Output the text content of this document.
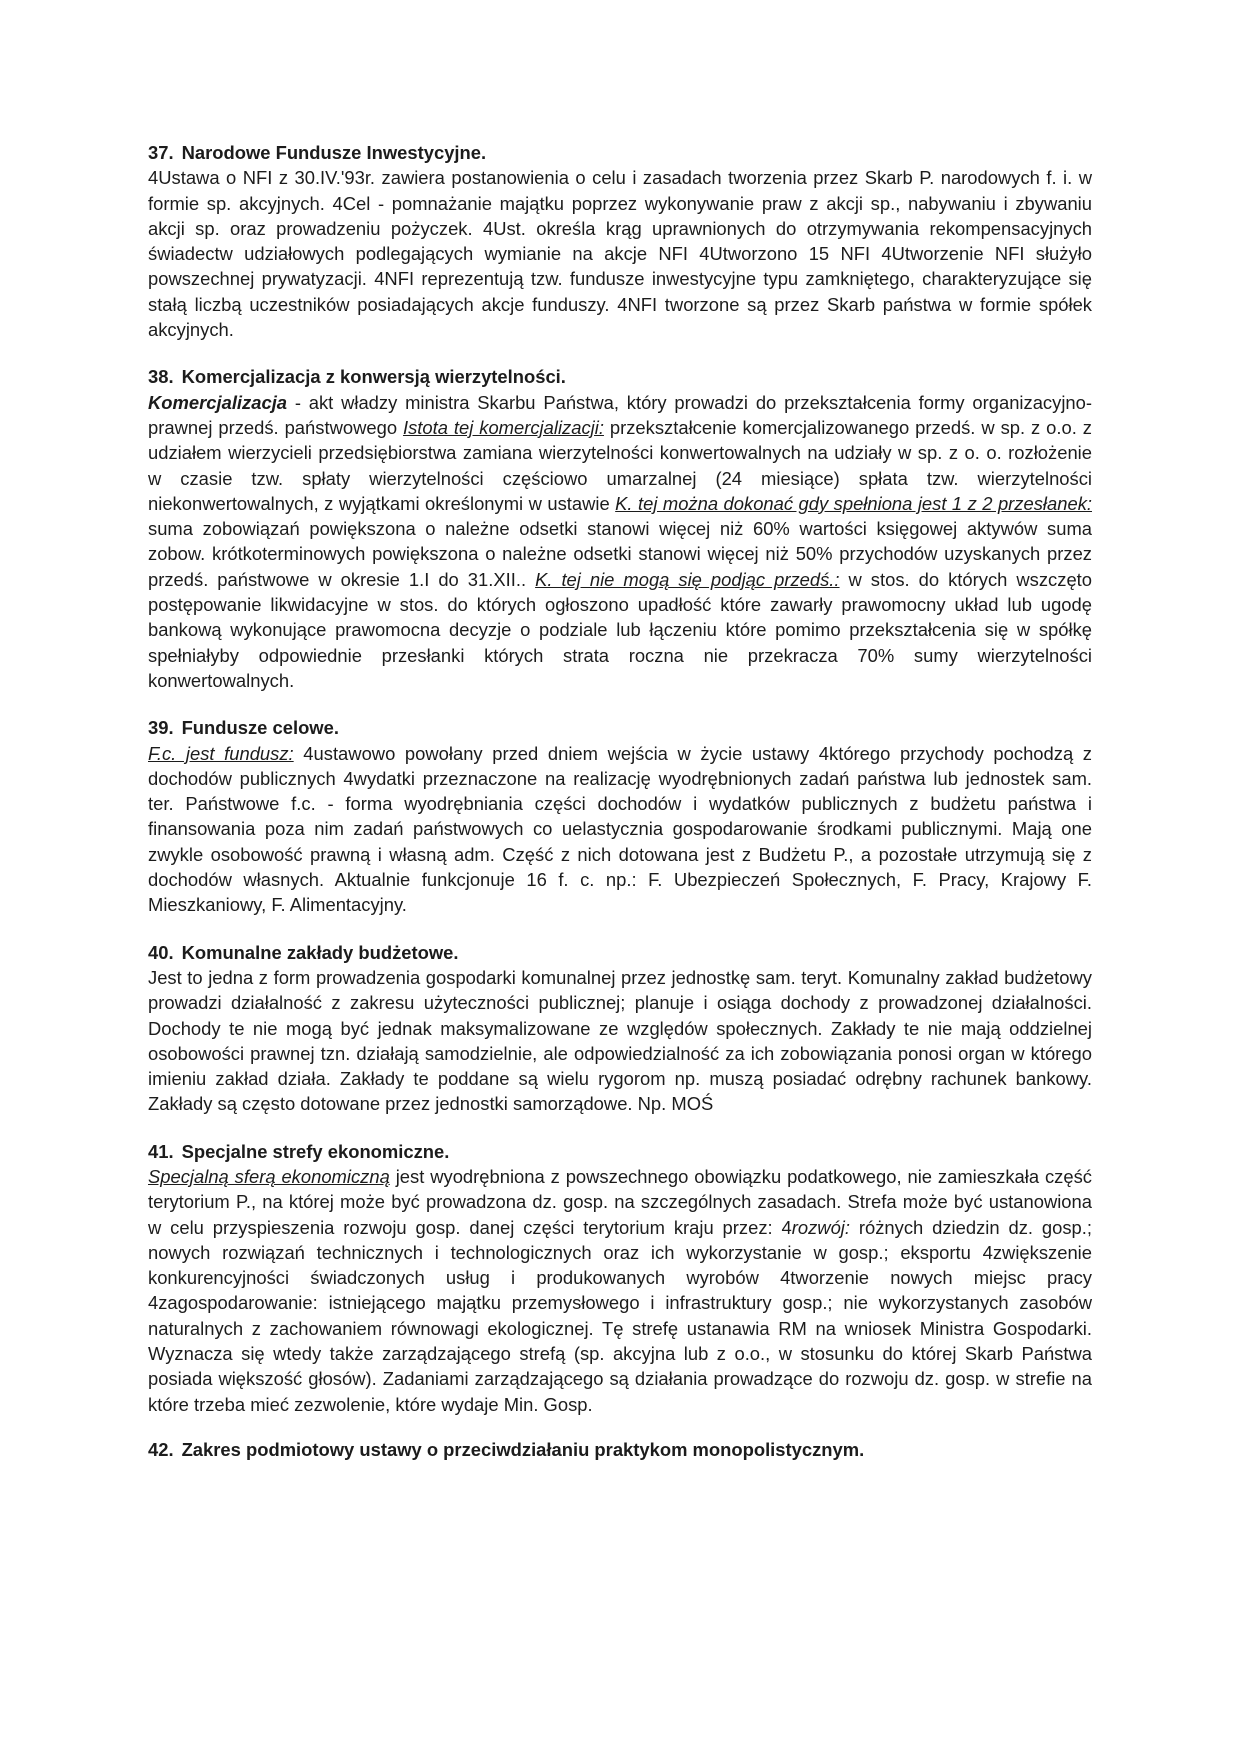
37. Narodowe Fundusze Inwestycyjne.

4Ustawa o NFI z 30.IV.'93r. zawiera postanowienia o celu i zasadach tworzenia przez Skarb P. narodowych f. i. w formie sp. akcyjnych. 4Cel - pomnażanie majątku poprzez wykonywanie praw z akcji sp., nabywaniu i zbywaniu akcji sp. oraz prowadzeniu pożyczek. 4Ust. określa krąg uprawnionych do otrzymywania rekompensacyjnych świadectw udziałowych podlegających wymianie na akcje NFI 4Utworzono 15 NFI 4Utworzenie NFI służyło powszechnej prywatyzacji. 4NFI reprezentują tzw. fundusze inwestycyjne typu zamkniętego, charakteryzujące się stałą liczbą uczestników posiadających akcje funduszy. 4NFI tworzone są przez Skarb państwa w formie spółek akcyjnych.

38. Komercjalizacja z konwersją wierzytelności.

Komercjalizacja - akt władzy ministra Skarbu Państwa, który prowadzi do przekształcenia formy organizacyjno-prawnej przedś. państwowego Istota tej komercjalizacji: przekształcenie komercjalizowanego przedś. w sp. z o.o. z udziałem wierzycieli przedsiębiorstwa zamiana wierzytelności konwertowalnych na udziały w sp. z o. o. rozłożenie w czasie tzw. spłaty wierzytelności częściowo umarzalnej (24 miesiące) spłata tzw. wierzytelności niekonwertowalnych, z wyjątkami określonymi w ustawie K. tej można dokonać gdy spełniona jest 1 z 2 przesłanek: suma zobowiązań powiększona o należne odsetki stanowi więcej niż 60% wartości księgowej aktywów suma zobow. krótkoterminowych powiększona o należne odsetki stanowi więcej niż 50% przychodów uzyskanych przez przedś. państwowe w okresie 1.I do 31.XII.. K. tej nie mogą się podjąc przedś.: w stos. do których wszczęto postępowanie likwidacyjne w stos. do których ogłoszono upadłość które zawarły prawomocny układ lub ugodę bankową wykonujące prawomocna decyzje o podziale lub łączeniu które pomimo przekształcenia się w spółkę spełniałyby odpowiednie przesłanki których strata roczna nie przekracza 70% sumy wierzytelności konwertowalnych.

39. Fundusze celowe.

F.c. jest fundusz: 4ustawowo powołany przed dniem wejścia w życie ustawy 4którego przychody pochodzą z dochodów publicznych 4wydatki przeznaczone na realizację wyodrębnionych zadań państwa lub jednostek sam. ter. Państwowe f.c. - forma wyodrębniania części dochodów i wydatków publicznych z budżetu państwa i finansowania poza nim zadań państwowych co uelastycznia gospodarowanie środkami publicznymi. Mają one zwykle osobowość prawną i własną adm. Część z nich dotowana jest z Budżetu P., a pozostałe utrzymują się z dochodów własnych. Aktualnie funkcjonuje 16 f. c. np.: F. Ubezpieczeń Społecznych, F. Pracy, Krajowy F. Mieszkaniowy, F. Alimentacyjny.

40. Komunalne zakłady budżetowe.

Jest to jedna z form prowadzenia gospodarki komunalnej przez jednostkę sam. teryt. Komunalny zakład budżetowy prowadzi działalność z zakresu użyteczności publicznej; planuje i osiąga dochody z prowadzonej działalności. Dochody te nie mogą być jednak maksymalizowane ze względów społecznych. Zakłady te nie mają oddzielnej osobowości prawnej tzn. działają samodzielnie, ale odpowiedzialność za ich zobowiązania ponosi organ w którego imieniu zakład działa. Zakłady te poddane są wielu rygorom np. muszą posiadać odrębny rachunek bankowy. Zakłady są często dotowane przez jednostki samorządowe. Np. MOŚ

41. Specjalne strefy ekonomiczne.

Specjalną sferą ekonomiczną jest wyodrębniona z powszechnego obowiązku podatkowego, nie zamieszkała część terytorium P., na której może być prowadzona dz. gosp. na szczególnych zasadach. Strefa może być ustanowiona w celu przyspieszenia rozwoju gosp. danej części terytorium kraju przez: 4rozwój: różnych dziedzin dz. gosp.; nowych rozwiązań technicznych i technologicznych oraz ich wykorzystanie w gosp.; eksportu 4zwiększenie konkurencyjności świadczonych usług i produkowanych wyrobów 4tworzenie nowych miejsc pracy 4zagospodarowanie: istniejącego majątku przemysłowego i infrastruktury gosp.; nie wykorzystanych zasobów naturalnych z zachowaniem równowagi ekologicznej. Tę strefę ustanawia RM na wniosek Ministra Gospodarki. Wyznacza się wtedy także zarządzającego strefą (sp. akcyjna lub z o.o., w stosunku do której Skarb Państwa posiada większość głosów). Zadaniami zarządzającego są działania prowadzące do rozwoju dz. gosp. w strefie na które trzeba mieć zezwolenie, które wydaje Min. Gosp.

42. Zakres podmiotowy ustawy o przeciwdziałaniu praktykom monopolistycznym.
